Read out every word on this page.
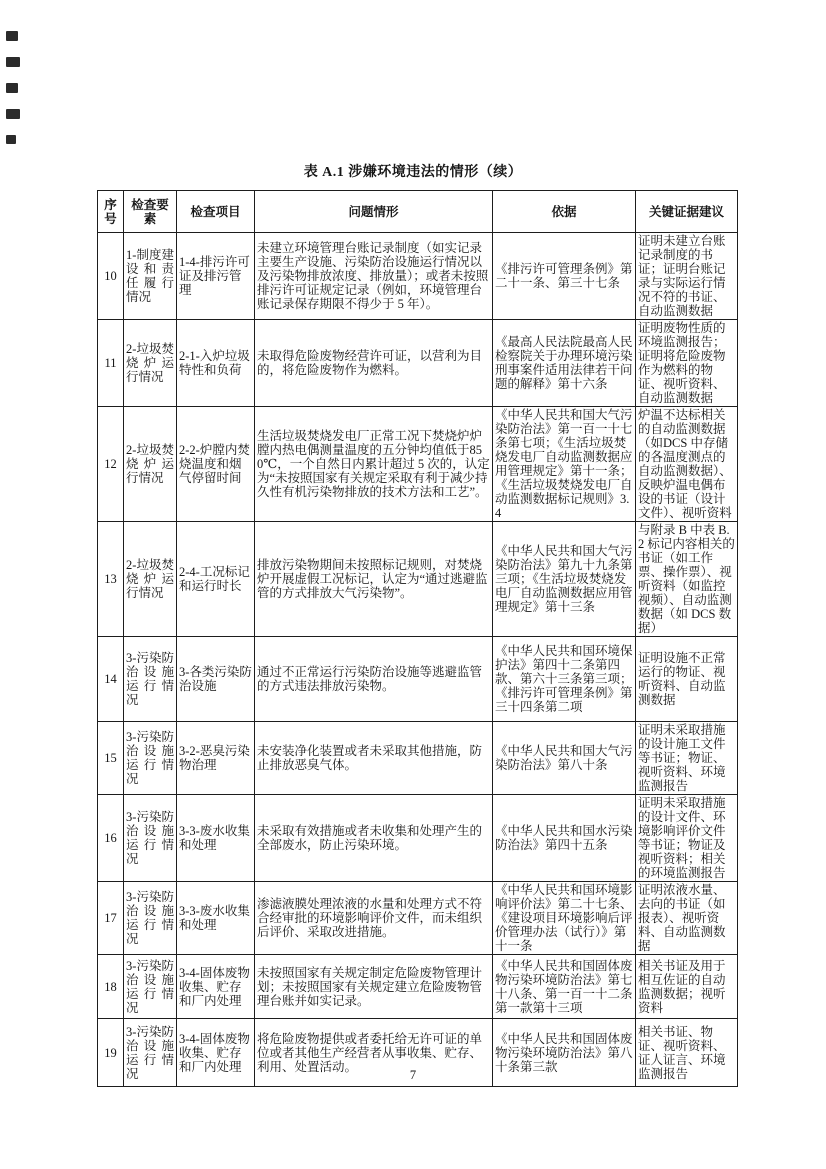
表 A.1 涉嫌环境违法的情形（续）
序号	检查要素	检查项目	问题情形	依据	关键证据建议
10	1-制度建设和责任履行情况	1-4-排污许可证及排污管理	未建立环境管理台账记录制度（如实记录主要生产设施、污染防治设施运行情况以及污染物排放浓度、排放量）；或者未按照排污许可证规定记录（例如，环境管理台账记录保存期限不得少于 5 年）。	《排污许可管理条例》第二十一条、第三十七条	证明未建立台账记录制度的书证；证明台账记录与实际运行情况不符的书证、自动监测数据
11	2-垃圾焚烧炉运行情况	2-1-入炉垃圾特性和负荷	未取得危险废物经营许可证，以营利为目的，将危险废物作为燃料。	《最高人民法院最高人民检察院关于办理环境污染刑事案件适用法律若干问题的解释》第十六条	证明废物性质的环境监测报告；证明将危险废物作为燃料的物证、视听资料、自动监测数据
12	2-垃圾焚烧炉运行情况	2-2-炉膛内焚烧温度和烟气停留时间	生活垃圾焚烧发电厂正常工况下焚烧炉炉膛内热电偶测量温度的五分钟均值低于850℃，一个自然日内累计超过 5 次的，认定为“未按照国家有关规定采取有利于减少持久性有机污染物排放的技术方法和工艺”。	《中华人民共和国大气污染防治法》第一百一十七条第七项；《生活垃圾焚烧发电厂自动监测数据应用管理规定》第十一条；《生活垃圾焚烧发电厂自动监测数据标记规则》3.4	炉温不达标相关的自动监测数据（如DCS 中存储的各温度测点的自动监测数据）、反映炉温电偶布设的书证（设计文件）、视听资料
13	2-垃圾焚烧炉运行情况	2-4-工况标记和运行时长	排放污染物期间未按照标记规则，对焚烧炉开展虚假工况标记，认定为“通过逃避监管的方式排放大气污染物”。	《中华人民共和国大气污染防治法》第九十九条第三项；《生活垃圾焚烧发电厂自动监测数据应用管理规定》第十三条	与附录 B 中表 B.2 标记内容相关的书证（如工作票、操作票）、视听资料（如监控视频）、自动监测数据（如 DCS 数据）
14	3-污染防治设施运行情况	3-各类污染防治设施	通过不正常运行污染防治设施等逃避监管的方式违法排放污染物。	《中华人民共和国环境保护法》第四十二条第四款、第六十三条第三项；《排污许可管理条例》第三十四条第二项	证明设施不正常运行的物证、视听资料、自动监测数据
15	3-污染防治设施运行情况	3-2-恶臭污染物治理	未安装净化装置或者未采取其他措施，防止排放恶臭气体。	《中华人民共和国大气污染防治法》第八十条	证明未采取措施的设计施工文件等书证；物证、视听资料、环境监测报告
16	3-污染防治设施运行情况	3-3-废水收集和处理	未采取有效措施或者未收集和处理产生的全部废水，防止污染环境。	《中华人民共和国水污染防治法》第四十五条	证明未采取措施的设计文件、环境影响评价文件等书证；物证及视听资料；相关的环境监测报告
17	3-污染防治设施运行情况	3-3-废水收集和处理	渗滤液膜处理浓液的水量和处理方式不符合经审批的环境影响评价文件，而未组织后评价、采取改进措施。	《中华人民共和国环境影响评价法》第二十七条、《建设项目环境影响后评价管理办法（试行）》第十一条	证明浓液水量、去向的书证（如报表）、视听资料、自动监测数据
18	3-污染防治设施运行情况	3-4-固体废物收集、贮存和厂内处理	未按照国家有关规定制定危险废物管理计划；未按照国家有关规定建立危险废物管理台账并如实记录。	《中华人民共和国固体废物污染环境防治法》第七十八条、第一百一十二条第一款第十三项	相关书证及用于相互佐证的自动监测数据；视听资料
19	3-污染防治设施运行情况	3-4-固体废物收集、贮存和厂内处理	将危险废物提供或者委托给无许可证的单位或者其他生产经营者从事收集、贮存、利用、处置活动。	《中华人民共和国固体废物污染环境防治法》第八十条第三款	相关书证、物证、视听资料、证人证言、环境监测报告
7
